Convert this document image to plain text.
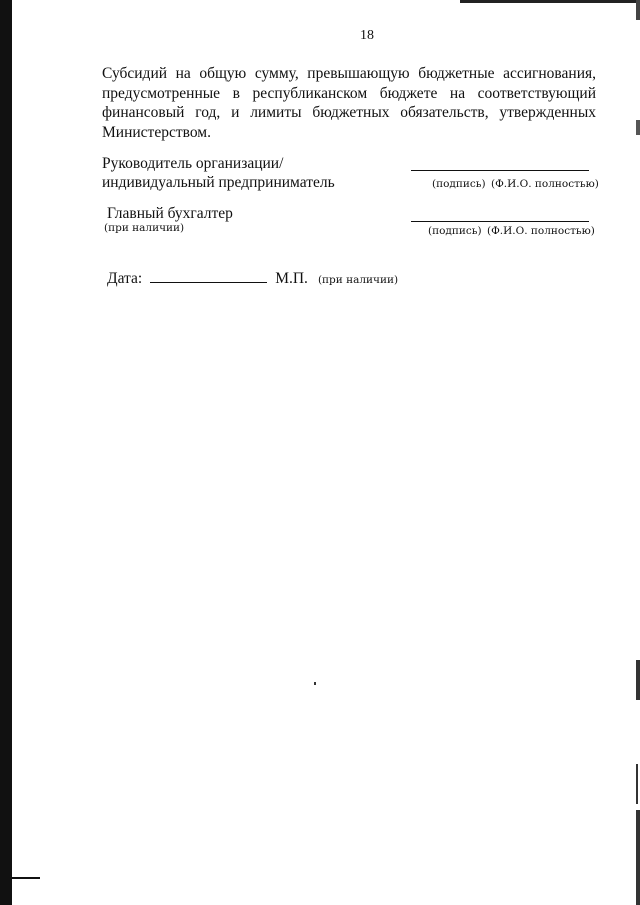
18
Субсидий на общую сумму, превышающую бюджетные ассигнования, предусмотренные в республиканском бюджете на соответствующий финансовый год, и лимиты бюджетных обязательств, утвержденных Министерством.
Руководитель организации/
индивидуальный предприниматель	(подпись) (Ф.И.О. полностью)
Главный бухгалтер
(при наличии)	(подпись) (Ф.И.О. полностью)
Дата:	М.П. (при наличии)
